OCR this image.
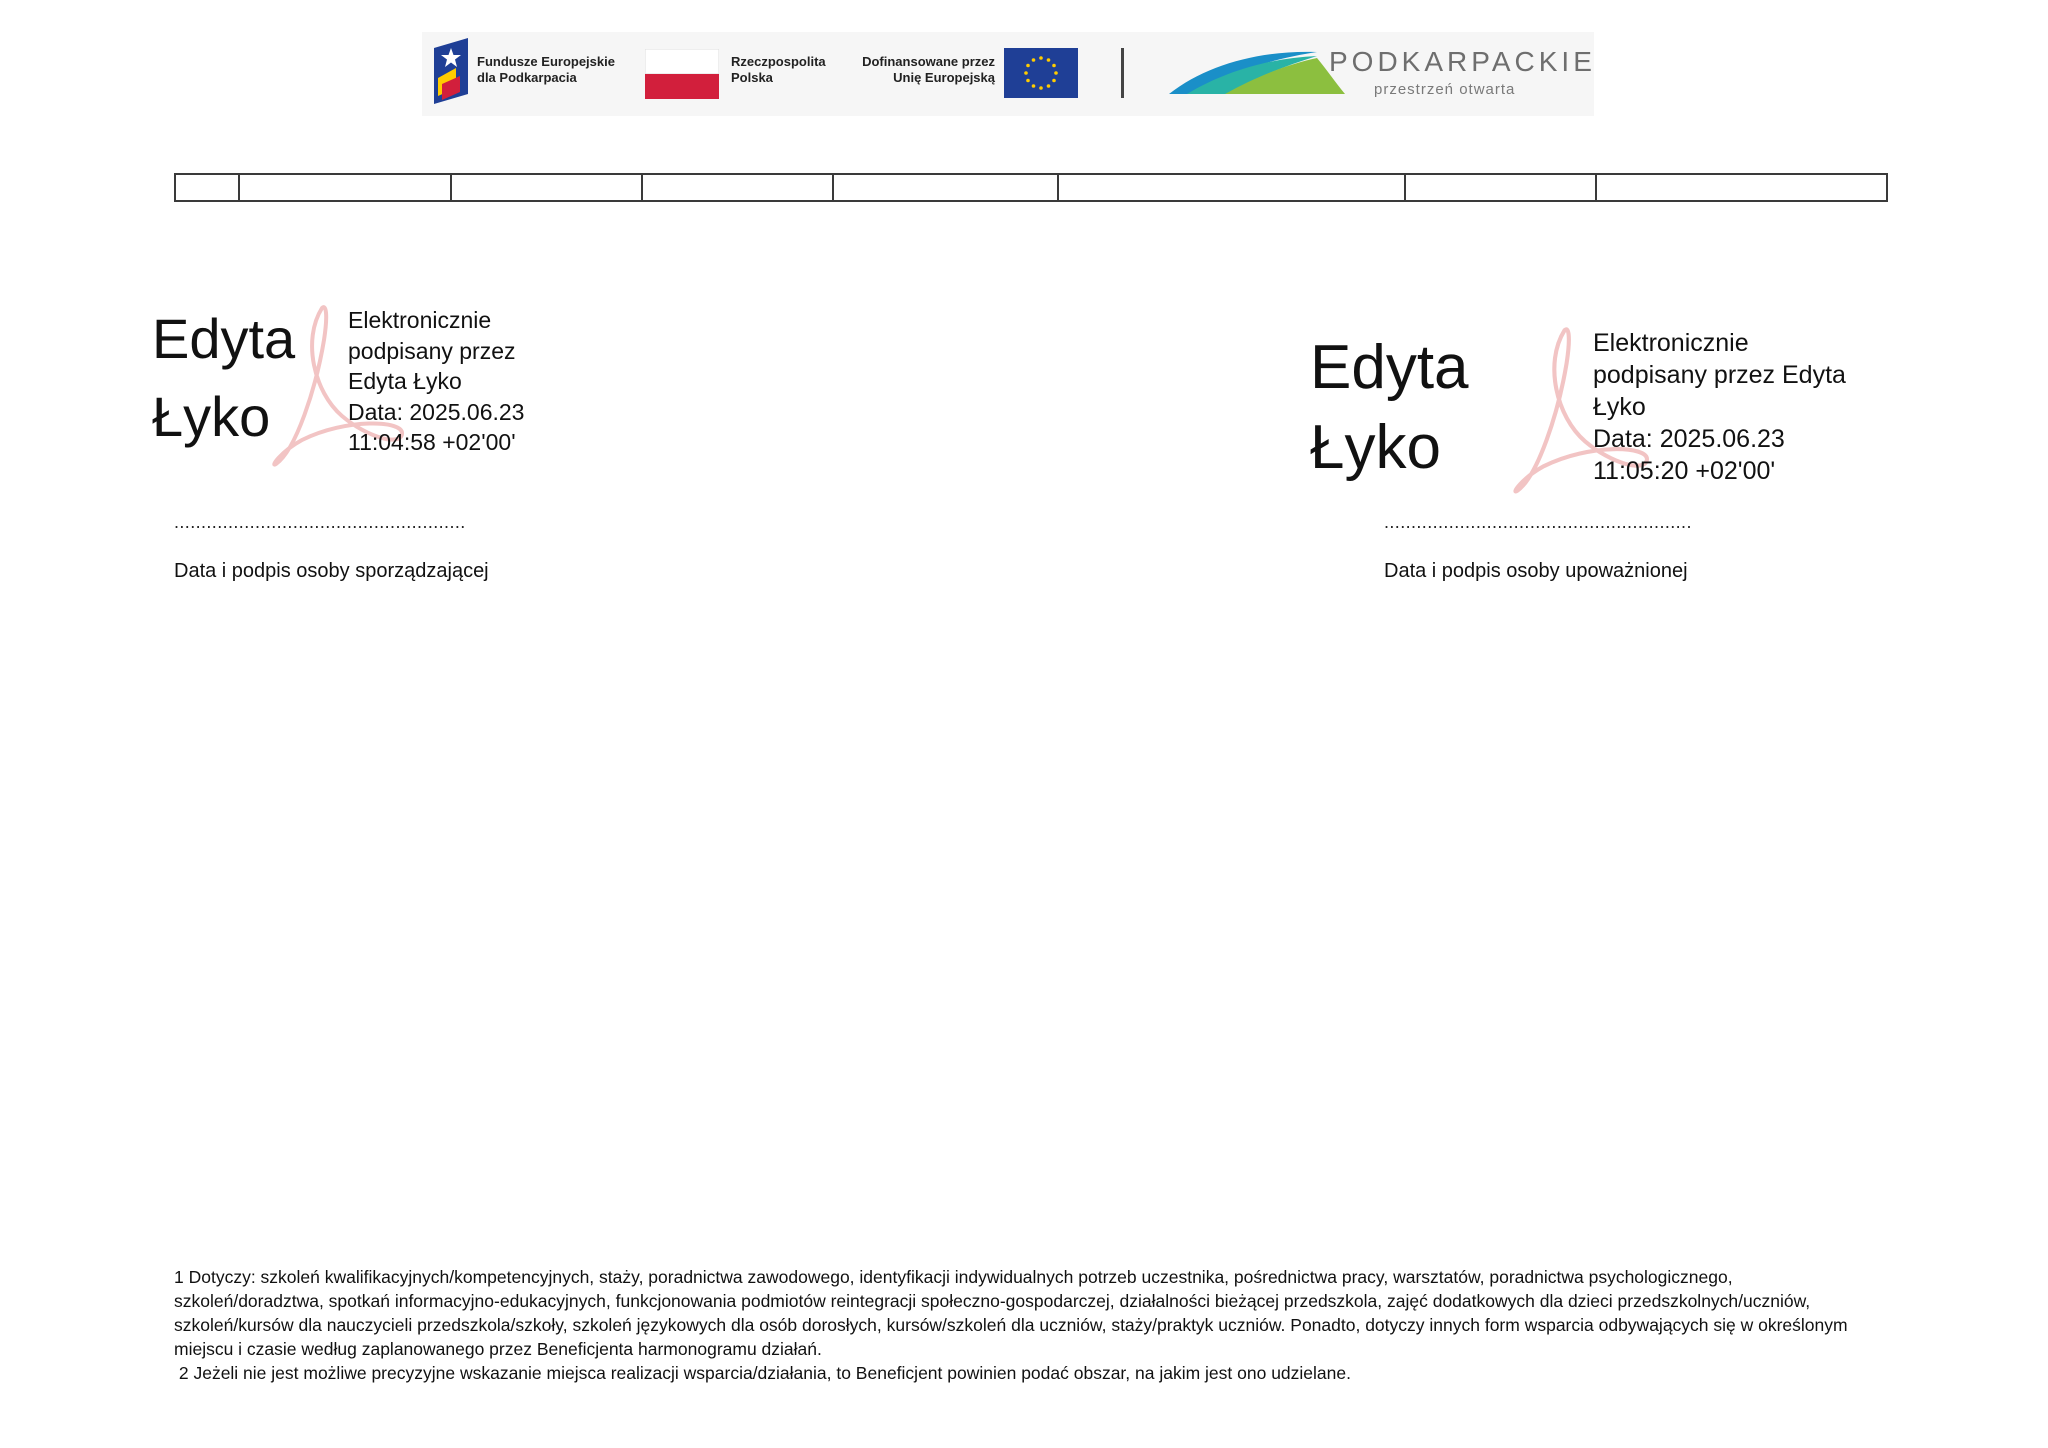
Fundusze Europejskie
dla Podkarpacia
Rzeczpospolita
Polska
Dofinansowane przez
Unię Europejską
PODKARPACKIE
przestrzeń otwarta

Edyta
Łyko
Elektronicznie
podpisany przez
Edyta Łyko
Data: 2025.06.23
11:04:58 +02'00'
......................................................
Data i podpis osoby sporządzającej
Edyta
Łyko
Elektronicznie
podpisany przez Edyta
Łyko
Data: 2025.06.23
11:05:20 +02'00'
.........................................................
Data i podpis osoby upoważnionej

1 Dotyczy: szkoleń kwalifikacyjnych/kompetencyjnych, staży, poradnictwa zawodowego, identyfikacji indywidualnych potrzeb uczestnika, pośrednictwa pracy, warsztatów, poradnictwa psychologicznego, szkoleń/doradztwa, spotkań informacyjno-edukacyjnych, funkcjonowania podmiotów reintegracji społeczno-gospodarczej, działalności bieżącej przedszkola, zajęć dodatkowych dla dzieci przedszkolnych/uczniów, szkoleń/kursów dla nauczycieli przedszkola/szkoły, szkoleń językowych dla osób dorosłych, kursów/szkoleń dla uczniów, staży/praktyk uczniów. Ponadto, dotyczy innych form wsparcia odbywających się w określonym miejscu i czasie według zaplanowanego przez Beneficjenta harmonogramu działań.

2 Jeżeli nie jest możliwe precyzyjne wskazanie miejsca realizacji wsparcia/działania, to Beneficjent powinien podać obszar, na jakim jest ono udzielane.
